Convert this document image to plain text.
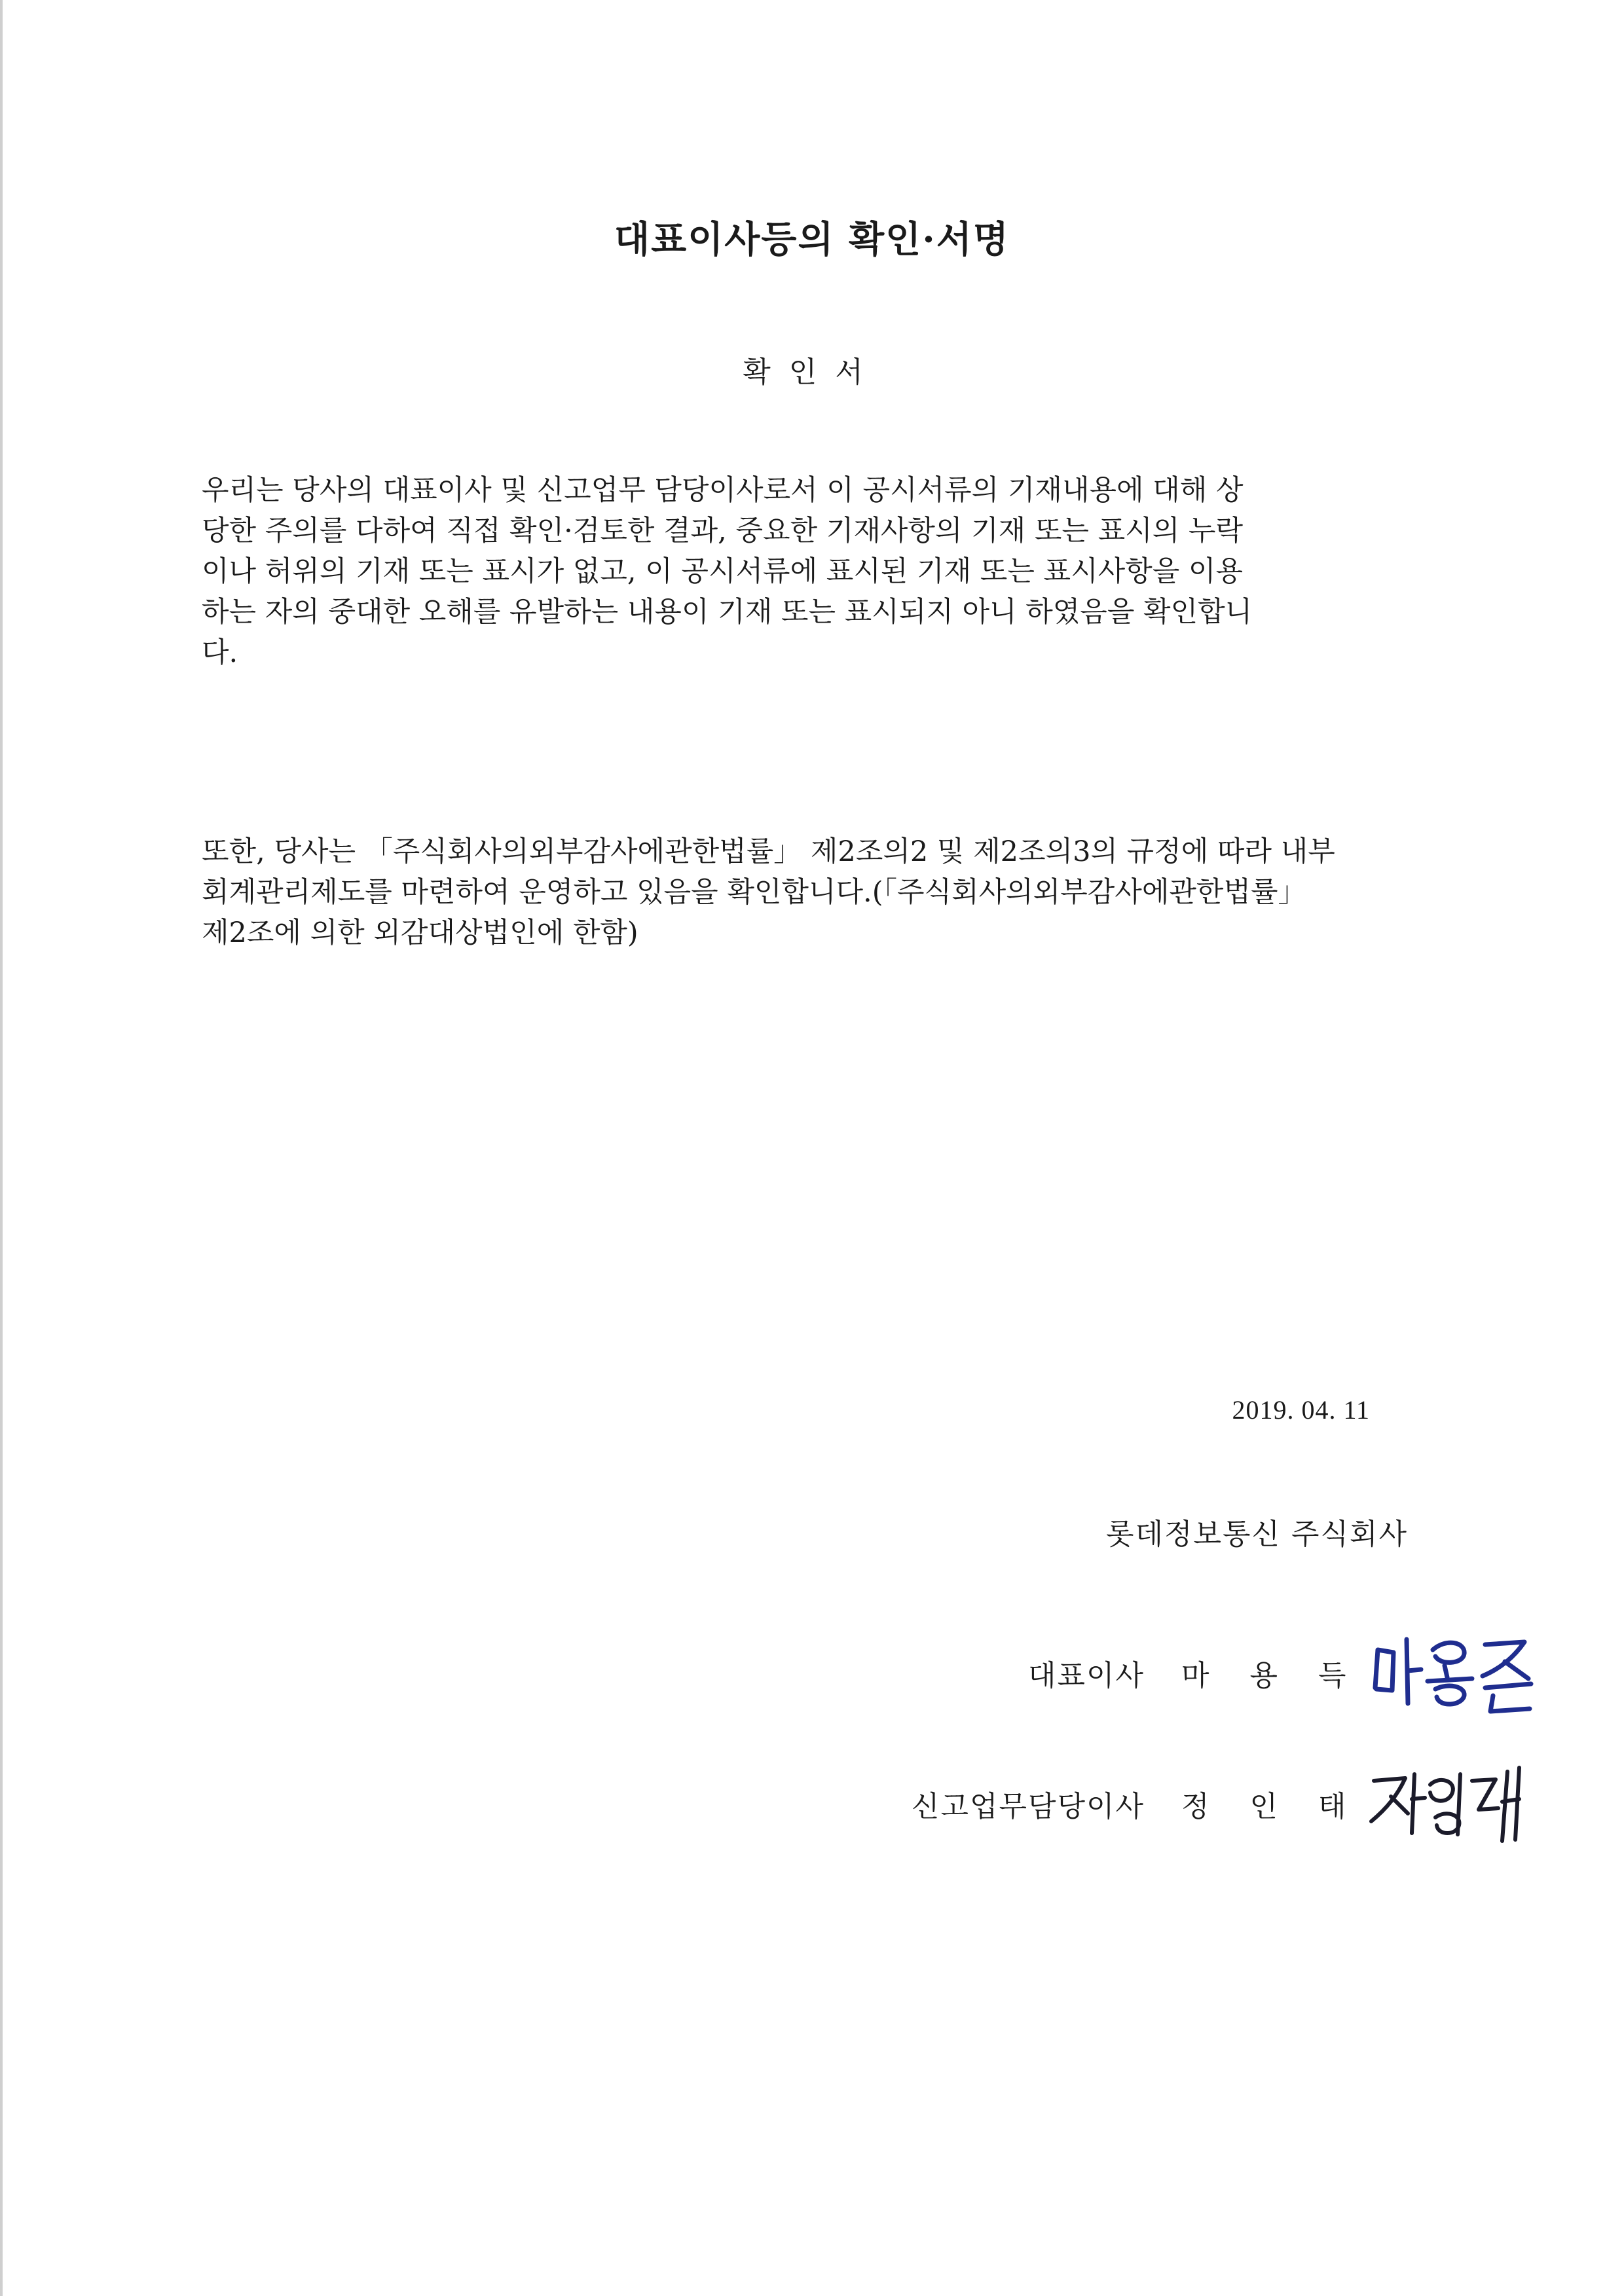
대표이사등의 확인·서명
확인서
우리는 당사의 대표이사 및 신고업무 담당이사로서 이 공시서류의 기재내용에 대해 상
당한 주의를 다하여 직접 확인·검토한 결과, 중요한 기재사항의 기재 또는 표시의 누락
이나 허위의 기재 또는 표시가 없고, 이 공시서류에 표시된 기재 또는 표시사항을 이용
하는 자의 중대한 오해를 유발하는 내용이 기재 또는 표시되지 아니 하였음을 확인합니
다.
또한, 당사는 「주식회사의외부감사에관한법률」 제2조의2 및 제2조의3의 규정에 따라 내부
회계관리제도를 마련하여 운영하고 있음을 확인합니다.(「주식회사의외부감사에관한법률」
제2조에 의한 외감대상법인에 한함)
2019. 04. 11
롯데정보통신 주식회사
대표이사 마 용 득
신고업무담당이사 정 인 태
